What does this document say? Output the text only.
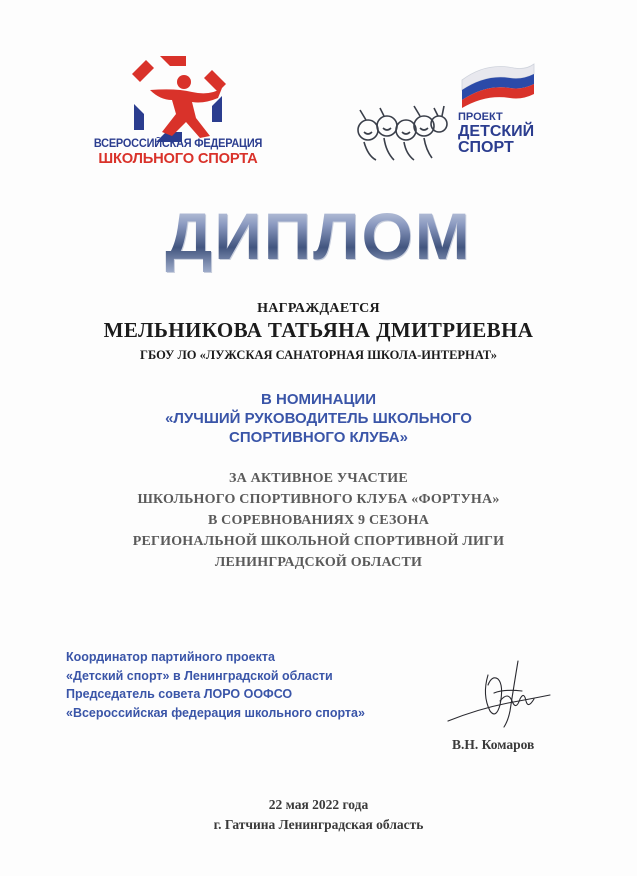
ВСЕРОССИЙСКАЯ ФЕДЕРАЦИЯ
ШКОЛЬНОГО СПОРТА
ПРОЕКТ
ДЕТСКИЙ
СПОРТ
ДИПЛОМ
НАГРАЖДАЕТСЯ
МЕЛЬНИКОВА ТАТЬЯНА ДМИТРИЕВНА
ГБОУ ЛО «ЛУЖСКАЯ САНАТОРНАЯ ШКОЛА-ИНТЕРНАТ»
В НОМИНАЦИИ
«ЛУЧШИЙ РУКОВОДИТЕЛЬ ШКОЛЬНОГО
СПОРТИВНОГО КЛУБА»
ЗА АКТИВНОЕ УЧАСТИЕ
ШКОЛЬНОГО СПОРТИВНОГО КЛУБА «ФОРТУНА»
В СОРЕВНОВАНИЯХ 9 СЕЗОНА
РЕГИОНАЛЬНОЙ ШКОЛЬНОЙ СПОРТИВНОЙ ЛИГИ
ЛЕНИНГРАДСКОЙ ОБЛАСТИ
Координатор партийного проекта
«Детский спорт» в Ленинградской области
Председатель совета ЛОРО ООФСО
«Всероссийская федерация школьного спорта»
В.Н. Комаров
22 мая 2022 года
г. Гатчина Ленинградская область
